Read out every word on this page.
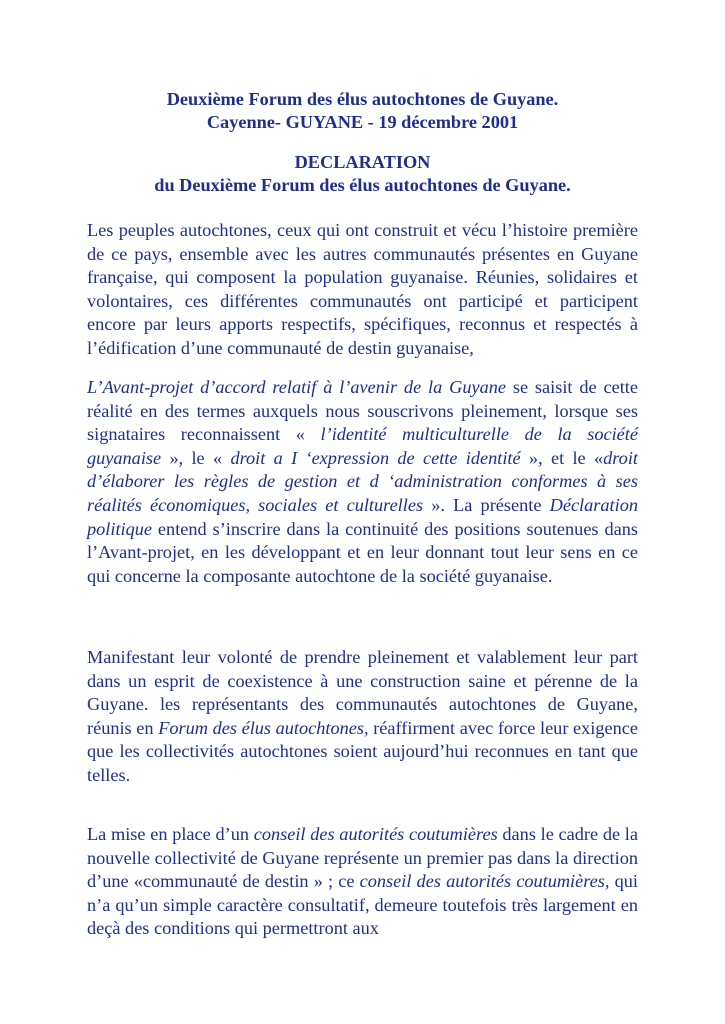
Deuxième Forum des élus autochtones de Guyane.
Cayenne- GUYANE - 19 décembre 2001
DECLARATION
du Deuxième Forum des élus autochtones de Guyane.

Les peuples autochtones, ceux qui ont construit et vécu l’histoire première de ce pays, ensemble avec les autres communautés présentes en Guyane française, qui composent la population guyanaise. Réunies, solidaires et volontaires, ces différentes communautés ont participé et participent encore par leurs apports respectifs, spécifiques, reconnus et respectés à l’édification d’une communauté de destin guyanaise,

L’Avant-projet d’accord relatif à l’avenir de la Guyane se saisit de cette réalité en des termes auxquels nous souscrivons pleinement, lorsque ses signataires reconnaissent « l’identité multiculturelle de la société guyanaise », le « droit a I ‘expression de cette identité », et le «droit d’élaborer les règles de gestion et d ‘administration conformes à ses réalités économiques, sociales et culturelles ». La présente Déclaration politique entend s’inscrire dans la continuité des positions soutenues dans l’Avant-projet, en les développant et en leur donnant tout leur sens en ce qui concerne la composante autochtone de la société guyanaise.

Manifestant leur volonté de prendre pleinement et valablement leur part dans un esprit de coexistence à une construction saine et pérenne de la Guyane. les représentants des communautés autochtones de Guyane, réunis en Forum des élus autochtones, réaffirment avec force leur exigence que les collectivités autochtones soient aujourd’hui reconnues en tant que telles.

La mise en place d’un conseil des autorités coutumières dans le cadre de la nouvelle collectivité de Guyane représente un premier pas dans la direction d’une «communauté de destin » ; ce conseil des autorités coutumières, qui n’a qu’un simple caractère consultatif, demeure toutefois très largement en deçà des conditions qui permettront aux
